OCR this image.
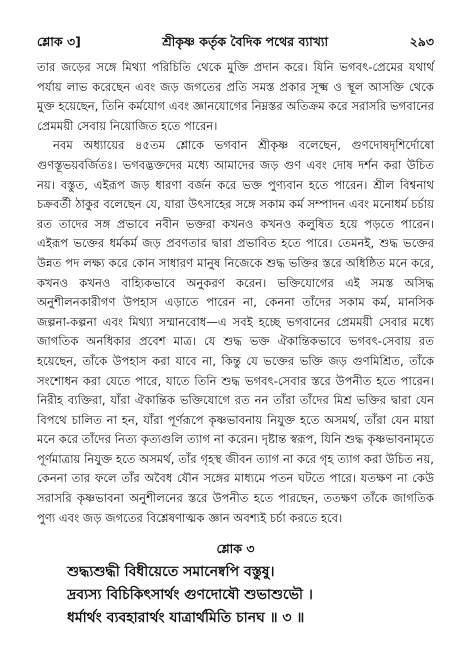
শ্লোক ৩]	শ্রীকৃষ্ণ কর্তৃক বৈদিক পথের ব্যাখ্যা	২৯৩

তার জড়ের সঙ্গে মিথ্যা পরিচিতি থেকে মুক্তি প্রদান করে। যিনি ভগবৎ-প্রেমের যথার্থ পর্যায় লাভ করেছেন এবং জড় জগতের প্রতি সমস্ত প্রকার সূক্ষ্ম ও স্থূল আসক্তি থেকে মুক্ত হয়েছেন, তিনি কর্মযোগ এবং জ্ঞানযোগের নিম্নস্তর অতিক্রম করে সরাসরি ভগবানের প্রেমময়ী সেবায় নিয়োজিত হতে পারেন।

নবম অধ্যায়ের ৪৫তম শ্লোকে ভগবান শ্রীকৃষ্ণ বলেছেন, গুণদোষদৃশির্দোষো গুণস্তূভয়বর্জিতঃ। ভগবদ্ভক্তদের মধ্যে আমাদের জড় গুণ এবং দোষ দর্শন করা উচিত নয়। বস্তুত, এইরূপ জড় ধারণা বর্জন করে ভক্ত পুণ্যবান হতে পারেন। শ্রীল বিশ্বনাথ চক্রবর্তী ঠাকুর বলেছেন যে, যারা উৎসাহের সঙ্গে সকাম কর্ম সম্পাদন এবং মনোধর্ম চর্চায় রত তাদের সঙ্গ প্রভাবে নবীন ভক্তরা কখনও কখনও কলুষিত হয়ে পড়তে পারেন। এইরূপ ভক্তের ধর্মকর্ম জড় প্রবণতার দ্বারা প্রভাবিত হতে পারে। তেমনই, শুদ্ধ ভক্তের উন্নত পদ লক্ষ্য করে কোন সাধারণ মানুষ নিজেকে শুদ্ধ ভক্তির স্তরে অধিষ্ঠিত মনে করে, কখনও কখনও বাহ্যিকভাবে অনুকরণ করেন। ভক্তিযোগের এই সমস্ত অসিদ্ধ অনুশীলনকারীগণ উপহাস এড়াতে পারেন না, কেননা তাঁদের সকাম কর্ম, মানসিক জল্পনা-কল্পনা এবং মিথ্যা সম্মানবোধ—এ সবই হচ্ছে ভগবানের প্রেমময়ী সেবার মধ্যে জাগতিক অনধিকার প্রবেশ মাত্র। যে শুদ্ধ ভক্ত ঐকান্তিকভাবে ভগবৎ-সেবায় রত হয়েছেন, তাঁকে উপহাস করা যাবে না, কিন্তু যে ভক্তের ভক্তি জড় গুণমিশ্রিত, তাঁকে সংশোধন করা যেতে পারে, যাতে তিনি শুদ্ধ ভগবৎ-সেবার স্তরে উপনীত হতে পারেন। নিরীহ ব্যক্তিরা, যাঁরা ঐকান্তিক ভক্তিযোগে রত নন তাঁরা তাঁদের মিশ্র ভক্তির দ্বারা যেন বিপথে চালিত না হন, যাঁরা পূর্ণরূপে কৃষ্ণভাবনায় নিযুক্ত হতে অসমর্থ, তাঁরা যেন মায়া মনে করে তাঁদের নিত্য কৃত্যগুলি ত্যাগ না করেন। দৃষ্টান্ত স্বরূপ, যিনি শুদ্ধ কৃষ্ণভাবনামৃতে পূর্ণমাত্রায় নিযুক্ত হতে অসমর্থ, তাঁর গৃহস্থ জীবন ত্যাগ না করে গৃহ ত্যাগ করা উচিত নয়, কেননা তার ফলে তাঁর অবৈধ যৌন সঙ্গের মাধ্যমে পতন ঘটতে পারে। যতক্ষণ না কেউ সরাসরি কৃষ্ণভাবনা অনুশীলনের স্তরে উপনীত হতে পারছেন, ততক্ষণ তাঁকে জাগতিক পুণ্য এবং জড় জগতের বিশ্লেষণাত্মক জ্ঞান অবশ্যই চর্চা করতে হবে।

শ্লোক ৩
শুদ্ধ্যশুদ্ধী বিধীয়েতে সমানেষ্বপি বস্তুষু।
দ্রব্যস্য বিচিকিৎসার্থং গুণদোষৌ শুভাশুভৌ ।
ধর্মার্থং ব্যবহারার্থং যাত্রার্থমিতি চানঘ ॥ ৩ ॥
